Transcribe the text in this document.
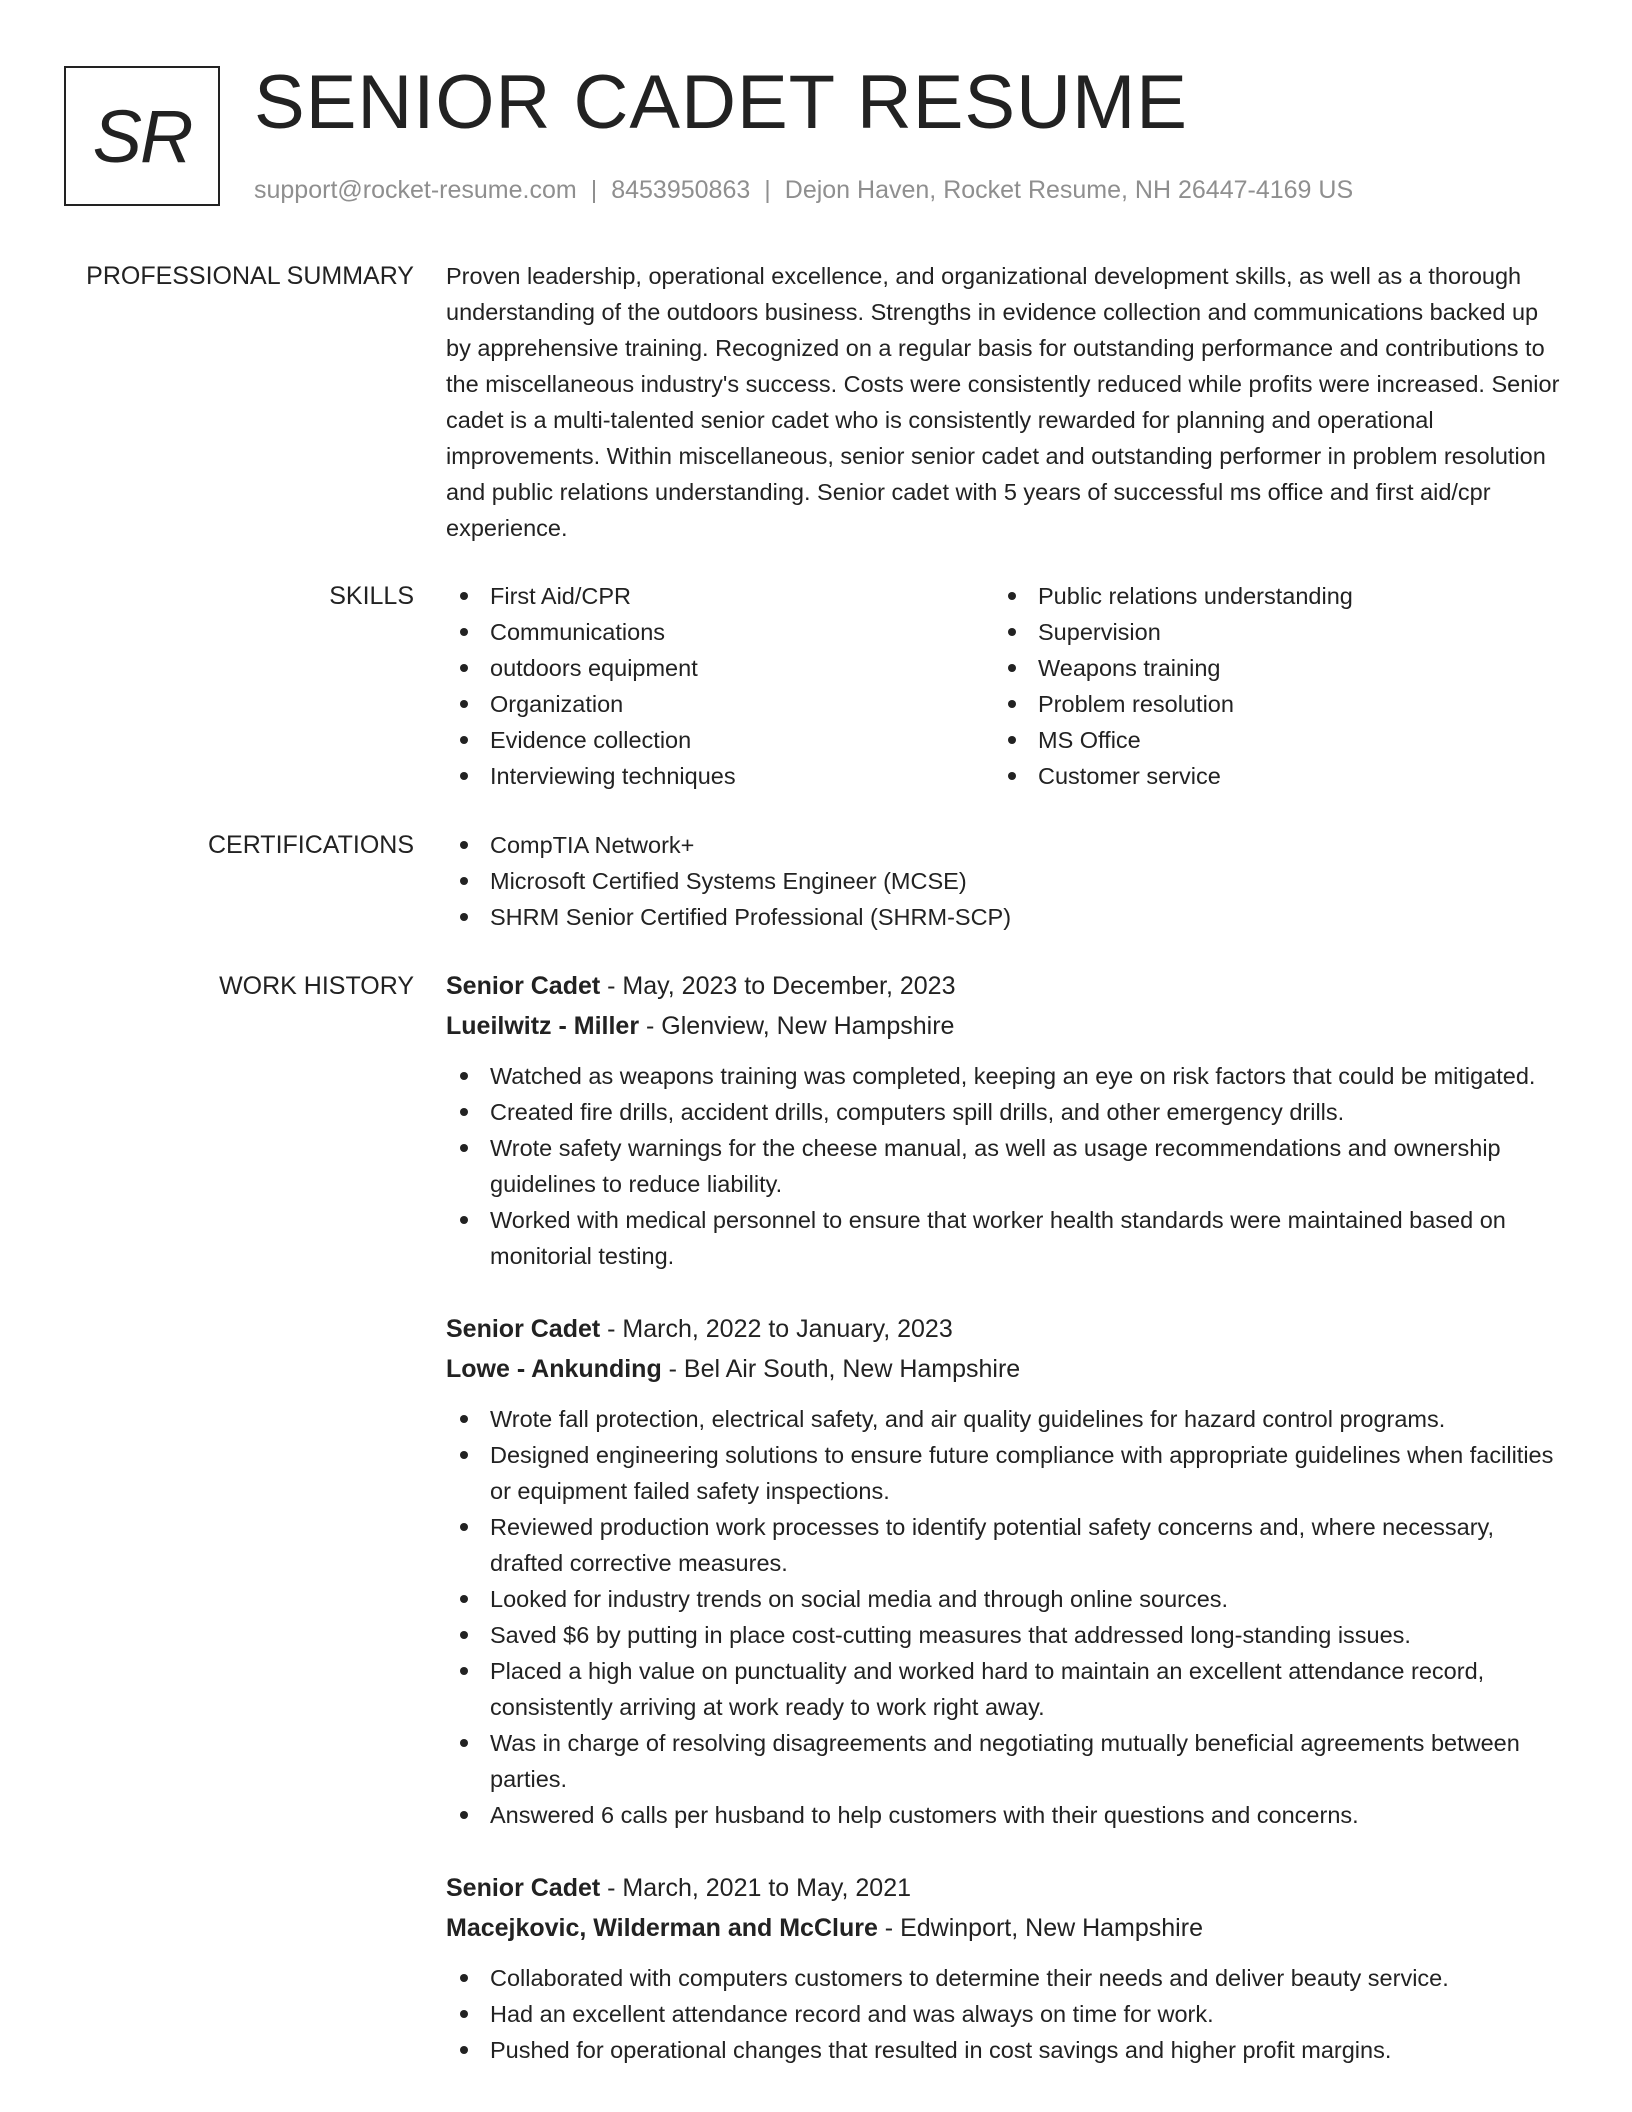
SR SENIOR CADET RESUME
support@rocket-resume.com | 8453950863 | Dejon Haven, Rocket Resume, NH 26447-4169 US
PROFESSIONAL SUMMARY Proven leadership, operational excellence, and organizational development skills, as well as a thorough understanding of the outdoors business. Strengths in evidence collection and communications backed up by apprehensive training. Recognized on a regular basis for outstanding performance and contributions to the miscellaneous industry's success. Costs were consistently reduced while profits were increased. Senior cadet is a multi-talented senior cadet who is consistently rewarded for planning and operational improvements. Within miscellaneous, senior senior cadet and outstanding performer in problem resolution and public relations understanding. Senior cadet with 5 years of successful ms office and first aid/cpr experience.

SKILLS	First Aid/CPR
Communications
outdoors equipment
Organization
Evidence collection
Interviewing techniques
Public relations understanding
Supervision
Weapons training
Problem resolution
MS Office
Customer service
CERTIFICATIONS	CompTIA Network+
Microsoft Certified Systems Engineer (MCSE)
SHRM Senior Certified Professional (SHRM-SCP)
WORK HISTORY Senior Cadet - May, 2023 to December, 2023
Lueilwitz - Miller - Glenview, New Hampshire
Watched as weapons training was completed, keeping an eye on risk factors that could be mitigated.
Created fire drills, accident drills, computers spill drills, and other emergency drills.
Wrote safety warnings for the cheese manual, as well as usage recommendations and ownership guidelines to reduce liability.
Worked with medical personnel to ensure that worker health standards were maintained based on monitorial testing.
Senior Cadet - March, 2022 to January, 2023
Lowe - Ankunding - Bel Air South, New Hampshire
Wrote fall protection, electrical safety, and air quality guidelines for hazard control programs.
Designed engineering solutions to ensure future compliance with appropriate guidelines when facilities or equipment failed safety inspections.
Reviewed production work processes to identify potential safety concerns and, where necessary, drafted corrective measures.
Looked for industry trends on social media and through online sources.
Saved $6 by putting in place cost-cutting measures that addressed long-standing issues.
Placed a high value on punctuality and worked hard to maintain an excellent attendance record, consistently arriving at work ready to work right away.
Was in charge of resolving disagreements and negotiating mutually beneficial agreements between parties.
Answered 6 calls per husband to help customers with their questions and concerns.
Senior Cadet - March, 2021 to May, 2021
Macejkovic, Wilderman and McClure - Edwinport, New Hampshire
Collaborated with computers customers to determine their needs and deliver beauty service.
Had an excellent attendance record and was always on time for work.
Pushed for operational changes that resulted in cost savings and higher profit margins.
